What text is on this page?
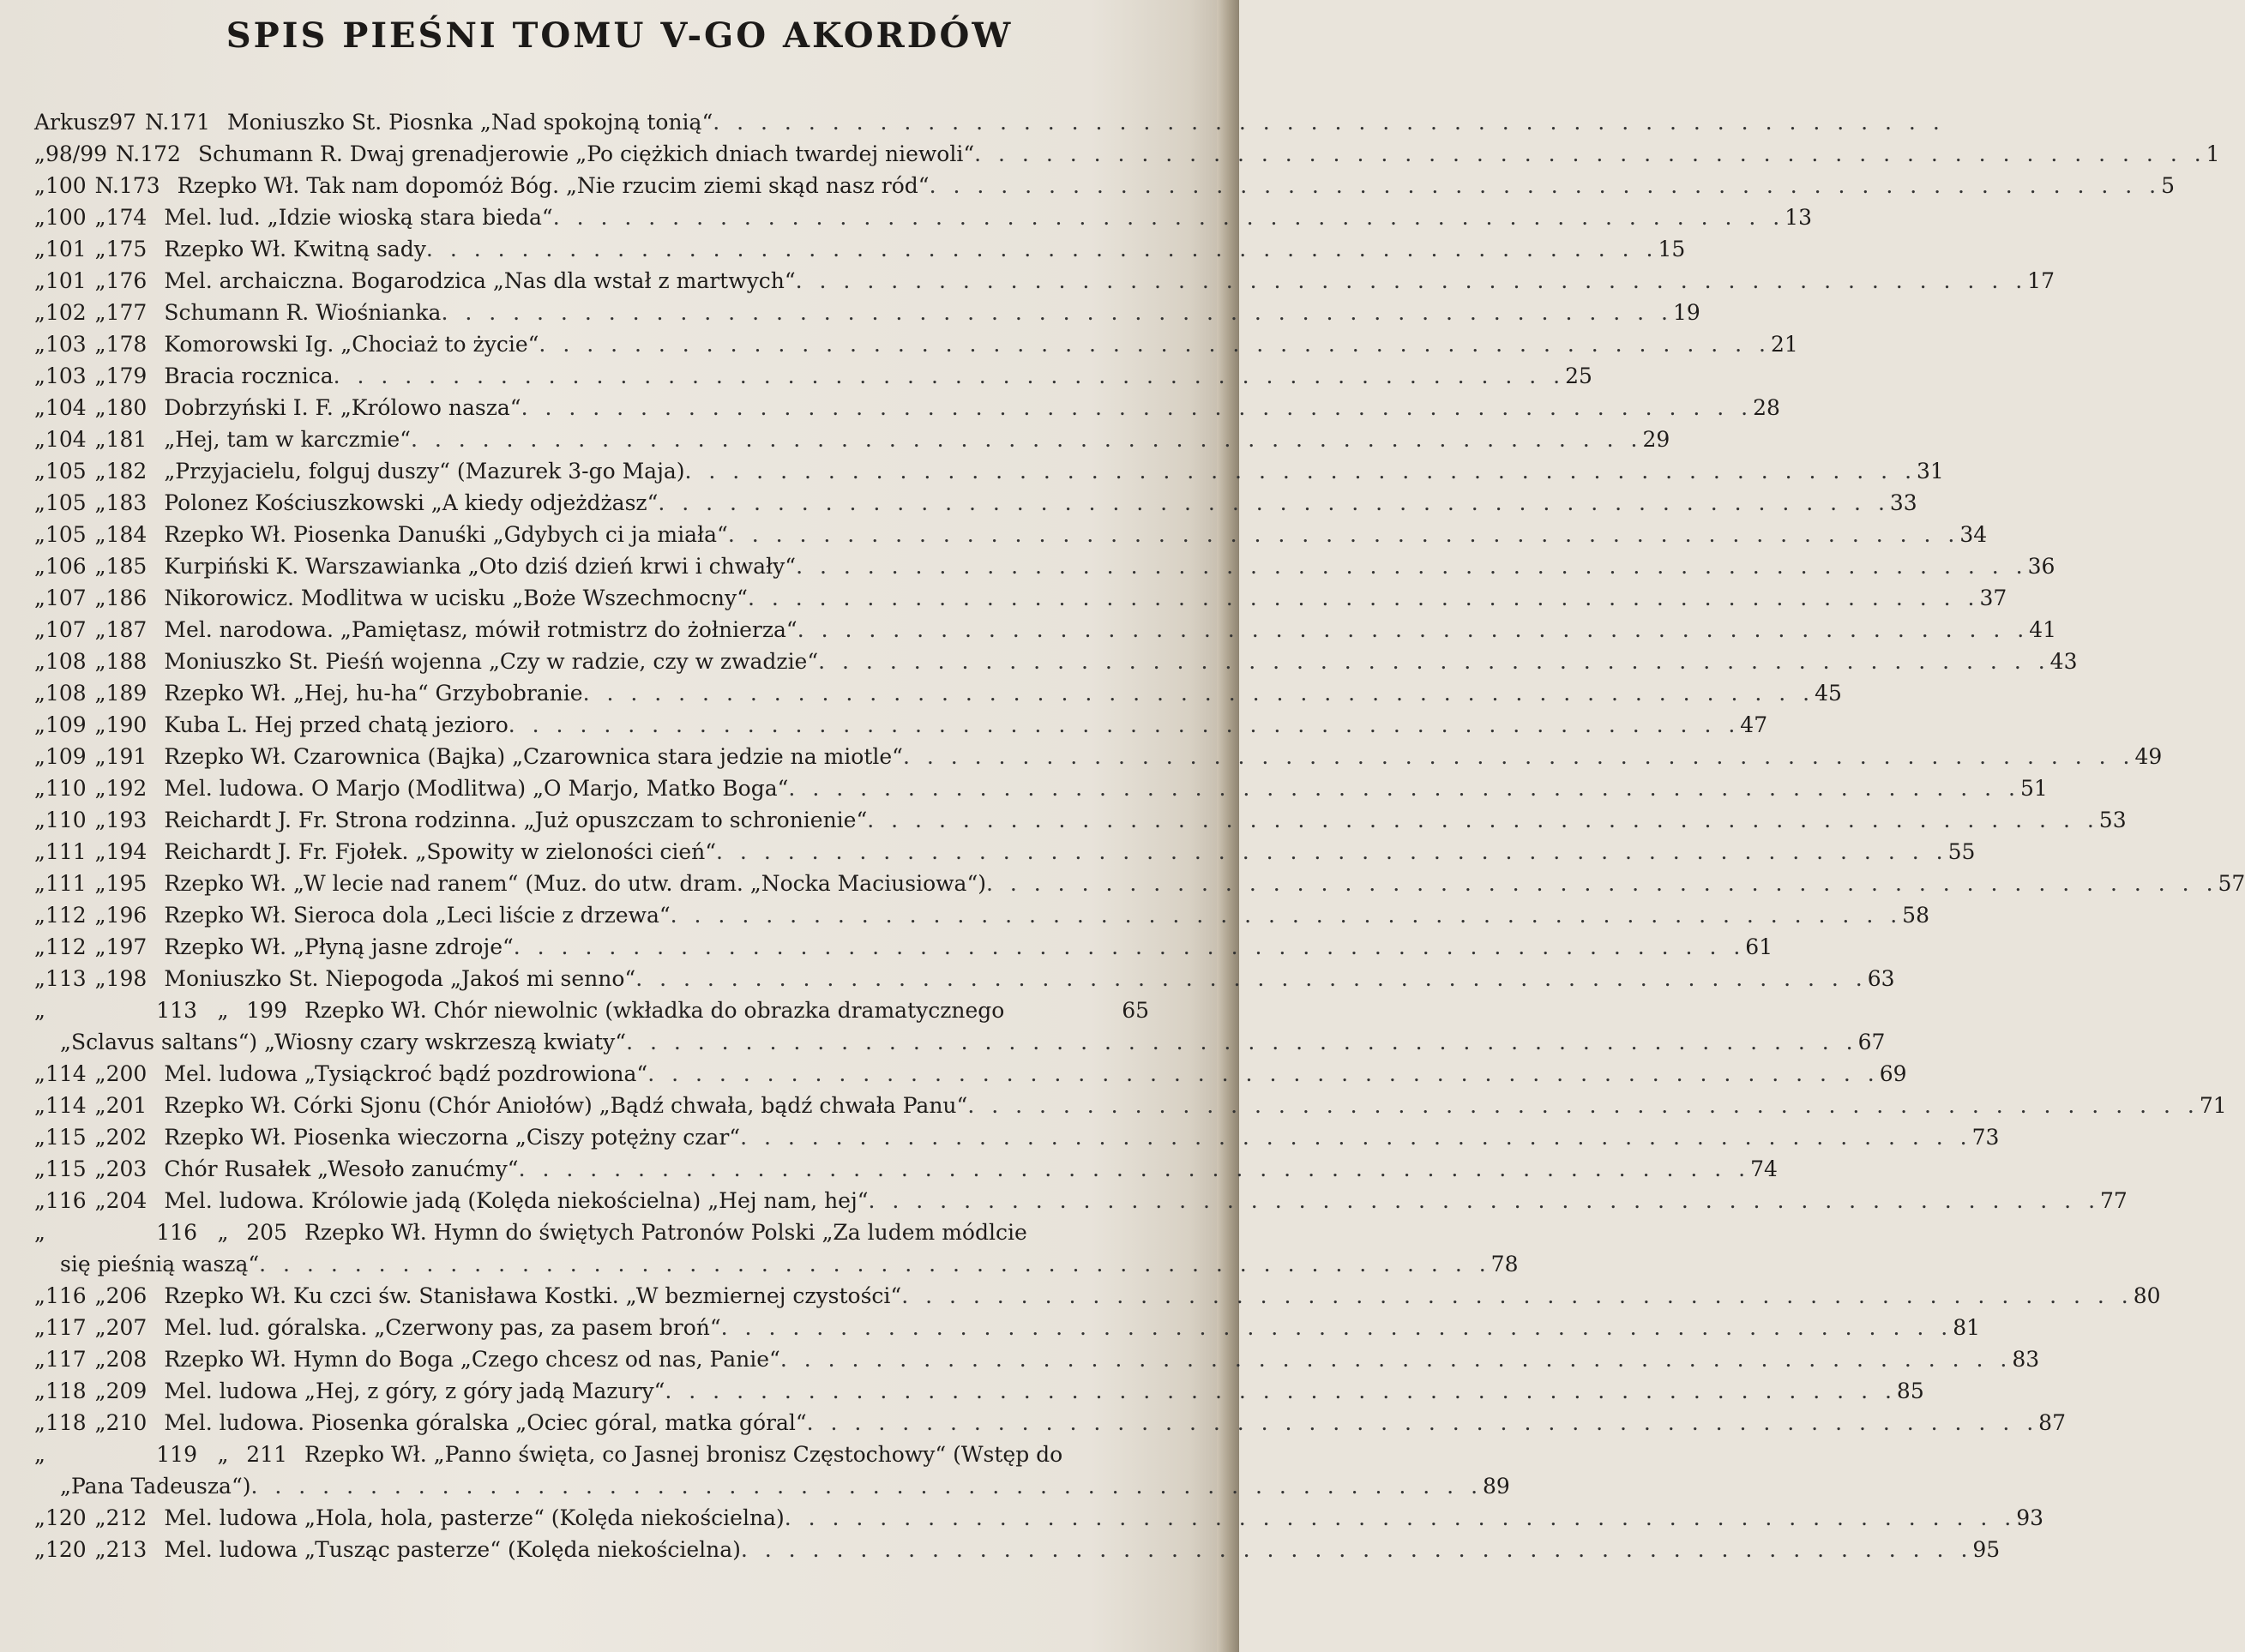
SPIS PIEŚNI TOMU V-GO AKORDÓW
Arkusz 97 N. 171 Moniuszko St. Piosnka „Nad spokojną tonią“. . . . . . . . . . . . . . . . . . . . . . . . . . . . . . . . . . . . . . . . . . . . . . . . . . . .
„ 98/99 N. 172 Schumann R. Dwaj grenadjerowie „Po ciężkich dniach twardej niewoli“. . . . . . . . . . . . . . . . . . . . . . . . . . . . . . . . . . . . . . . . . . . . . . . . . . . . 1
„ 100 N. 173 Rzepko Wł. Tak nam dopomóż Bóg. „Nie rzucim ziemi skąd nasz ród“. . . . . . . . . . . . . . . . . . . . . . . . . . . . . . . . . . . . . . . . . . . . . . . . . . . . 5
„ 100 „ 174 Mel. lud. „Idzie wioską stara bieda“. . . . . . . . . . . . . . . . . . . . . . . . . . . . . . . . . . . . . . . . . . . . . . . . . . . . 13
„ 101 „ 175 Rzepko Wł. Kwitną sady. . . . . . . . . . . . . . . . . . . . . . . . . . . . . . . . . . . . . . . . . . . . . . . . . . . . 15
„ 101 „ 176 Mel. archaiczna. Bogarodzica „Nas dla wstał z martwych“. . . . . . . . . . . . . . . . . . . . . . . . . . . . . . . . . . . . . . . . . . . . . . . . . . . . 17
„ 102 „ 177 Schumann R. Wiośnianka. . . . . . . . . . . . . . . . . . . . . . . . . . . . . . . . . . . . . . . . . . . . . . . . . . . . 19
„ 103 „ 178 Komorowski Ig. „Chociaż to życie“. . . . . . . . . . . . . . . . . . . . . . . . . . . . . . . . . . . . . . . . . . . . . . . . . . . . 21
„ 103 „ 179 Bracia rocznica. . . . . . . . . . . . . . . . . . . . . . . . . . . . . . . . . . . . . . . . . . . . . . . . . . . . 25
„ 104 „ 180 Dobrzyński I. F. „Królowo nasza“. . . . . . . . . . . . . . . . . . . . . . . . . . . . . . . . . . . . . . . . . . . . . . . . . . . . 28
„ 104 „ 181 „Hej, tam w karczmie“. . . . . . . . . . . . . . . . . . . . . . . . . . . . . . . . . . . . . . . . . . . . . . . . . . . . 29
„ 105 „ 182 „Przyjacielu, folguj duszy“ (Mazurek 3-go Maja). . . . . . . . . . . . . . . . . . . . . . . . . . . . . . . . . . . . . . . . . . . . . . . . . . . . 31
„ 105 „ 183 Polonez Kościuszkowski „A kiedy odjeżdżasz“. . . . . . . . . . . . . . . . . . . . . . . . . . . . . . . . . . . . . . . . . . . . . . . . . . . . 33
„ 105 „ 184 Rzepko Wł. Piosenka Danuśki „Gdybych ci ja miała“. . . . . . . . . . . . . . . . . . . . . . . . . . . . . . . . . . . . . . . . . . . . . . . . . . . . 34
„ 106 „ 185 Kurpiński K. Warszawianka „Oto dziś dzień krwi i chwały“. . . . . . . . . . . . . . . . . . . . . . . . . . . . . . . . . . . . . . . . . . . . . . . . . . . . 36
„ 107 „ 186 Nikorowicz. Modlitwa w ucisku „Boże Wszechmocny“. . . . . . . . . . . . . . . . . . . . . . . . . . . . . . . . . . . . . . . . . . . . . . . . . . . . 37
„ 107 „ 187 Mel. narodowa. „Pamiętasz, mówił rotmistrz do żołnierza“. . . . . . . . . . . . . . . . . . . . . . . . . . . . . . . . . . . . . . . . . . . . . . . . . . . . 41
„ 108 „ 188 Moniuszko St. Pieśń wojenna „Czy w radzie, czy w zwadzie“. . . . . . . . . . . . . . . . . . . . . . . . . . . . . . . . . . . . . . . . . . . . . . . . . . . . 43
„ 108 „ 189 Rzepko Wł. „Hej, hu-ha“ Grzybobranie. . . . . . . . . . . . . . . . . . . . . . . . . . . . . . . . . . . . . . . . . . . . . . . . . . . . 45
„ 109 „ 190 Kuba L. Hej przed chatą jezioro. . . . . . . . . . . . . . . . . . . . . . . . . . . . . . . . . . . . . . . . . . . . . . . . . . . . 47
„ 109 „ 191 Rzepko Wł. Czarownica (Bajka) „Czarownica stara jedzie na miotle“. . . . . . . . . . . . . . . . . . . . . . . . . . . . . . . . . . . . . . . . . . . . . . . . . . . . 49
„ 110 „ 192 Mel. ludowa. O Marjo (Modlitwa) „O Marjo, Matko Boga“. . . . . . . . . . . . . . . . . . . . . . . . . . . . . . . . . . . . . . . . . . . . . . . . . . . . 51
„ 110 „ 193 Reichardt J. Fr. Strona rodzinna. „Już opuszczam to schronienie“. . . . . . . . . . . . . . . . . . . . . . . . . . . . . . . . . . . . . . . . . . . . . . . . . . . . 53
„ 111 „ 194 Reichardt J. Fr. Fjołek. „Spowity w zieloności cień“. . . . . . . . . . . . . . . . . . . . . . . . . . . . . . . . . . . . . . . . . . . . . . . . . . . . 55
„ 111 „ 195 Rzepko Wł. „W lecie nad ranem“ (Muz. do utw. dram. „Nocka Maciusiowa“). . . . . . . . . . . . . . . . . . . . . . . . . . . . . . . . . . . . . . . . . . . . . . . . . . . . 57
„ 112 „ 196 Rzepko Wł. Sieroca dola „Leci liście z drzewa“. . . . . . . . . . . . . . . . . . . . . . . . . . . . . . . . . . . . . . . . . . . . . . . . . . . . 58
„ 112 „ 197 Rzepko Wł. „Płyną jasne zdroje“. . . . . . . . . . . . . . . . . . . . . . . . . . . . . . . . . . . . . . . . . . . . . . . . . . . . 61
„ 113 „ 198 Moniuszko St. Niepogoda „Jakoś mi senno“. . . . . . . . . . . . . . . . . . . . . . . . . . . . . . . . . . . . . . . . . . . . . . . . . . . . 63
„	113 „ 199 Rzepko Wł. Chór niewolnic (wkładka do obrazka dramatycznego	65
„Sclavus saltans“) „Wiosny czary wskrzeszą kwiaty“. . . . . . . . . . . . . . . . . . . . . . . . . . . . . . . . . . . . . . . . . . . . . . . . . . . . 67
„ 114 „ 200 Mel. ludowa „Tysiąckroć bądź pozdrowiona“. . . . . . . . . . . . . . . . . . . . . . . . . . . . . . . . . . . . . . . . . . . . . . . . . . . . 69
„ 114 „ 201 Rzepko Wł. Córki Sjonu (Chór Aniołów) „Bądź chwała, bądź chwała Panu“. . . . . . . . . . . . . . . . . . . . . . . . . . . . . . . . . . . . . . . . . . . . . . . . . . . . 71
„ 115 „ 202 Rzepko Wł. Piosenka wieczorna „Ciszy potężny czar“. . . . . . . . . . . . . . . . . . . . . . . . . . . . . . . . . . . . . . . . . . . . . . . . . . . . 73
„ 115 „ 203 Chór Rusałek „Wesoło zanućmy“. . . . . . . . . . . . . . . . . . . . . . . . . . . . . . . . . . . . . . . . . . . . . . . . . . . . 74
„ 116 „ 204 Mel. ludowa. Królowie jadą (Kolęda niekościelna) „Hej nam, hej“. . . . . . . . . . . . . . . . . . . . . . . . . . . . . . . . . . . . . . . . . . . . . . . . . . . . 77
„	116 „ 205 Rzepko Wł. Hymn do świętych Patronów Polski „Za ludem módlcie
się pieśnią waszą“. . . . . . . . . . . . . . . . . . . . . . . . . . . . . . . . . . . . . . . . . . . . . . . . . . . . 78
„ 116 „ 206 Rzepko Wł. Ku czci św. Stanisława Kostki. „W bezmiernej czystości“. . . . . . . . . . . . . . . . . . . . . . . . . . . . . . . . . . . . . . . . . . . . . . . . . . . . 80
„ 117 „ 207 Mel. lud. góralska. „Czerwony pas, za pasem broń“. . . . . . . . . . . . . . . . . . . . . . . . . . . . . . . . . . . . . . . . . . . . . . . . . . . . 81
„ 117 „ 208 Rzepko Wł. Hymn do Boga „Czego chcesz od nas, Panie“. . . . . . . . . . . . . . . . . . . . . . . . . . . . . . . . . . . . . . . . . . . . . . . . . . . . 83
„ 118 „ 209 Mel. ludowa „Hej, z góry, z góry jadą Mazury“. . . . . . . . . . . . . . . . . . . . . . . . . . . . . . . . . . . . . . . . . . . . . . . . . . . . 85
„ 118 „ 210 Mel. ludowa. Piosenka góralska „Ociec góral, matka góral“. . . . . . . . . . . . . . . . . . . . . . . . . . . . . . . . . . . . . . . . . . . . . . . . . . . . 87
„	119 „ 211 Rzepko Wł. „Panno święta, co Jasnej bronisz Częstochowy“ (Wstęp do
„Pana Tadeusza“). . . . . . . . . . . . . . . . . . . . . . . . . . . . . . . . . . . . . . . . . . . . . . . . . . . . 89
„ 120 „ 212 Mel. ludowa „Hola, hola, pasterze“ (Kolęda niekościelna). . . . . . . . . . . . . . . . . . . . . . . . . . . . . . . . . . . . . . . . . . . . . . . . . . . . 93
„ 120 „ 213 Mel. ludowa „Tusząc pasterze“ (Kolęda niekościelna). . . . . . . . . . . . . . . . . . . . . . . . . . . . . . . . . . . . . . . . . . . . . . . . . . . . 95
